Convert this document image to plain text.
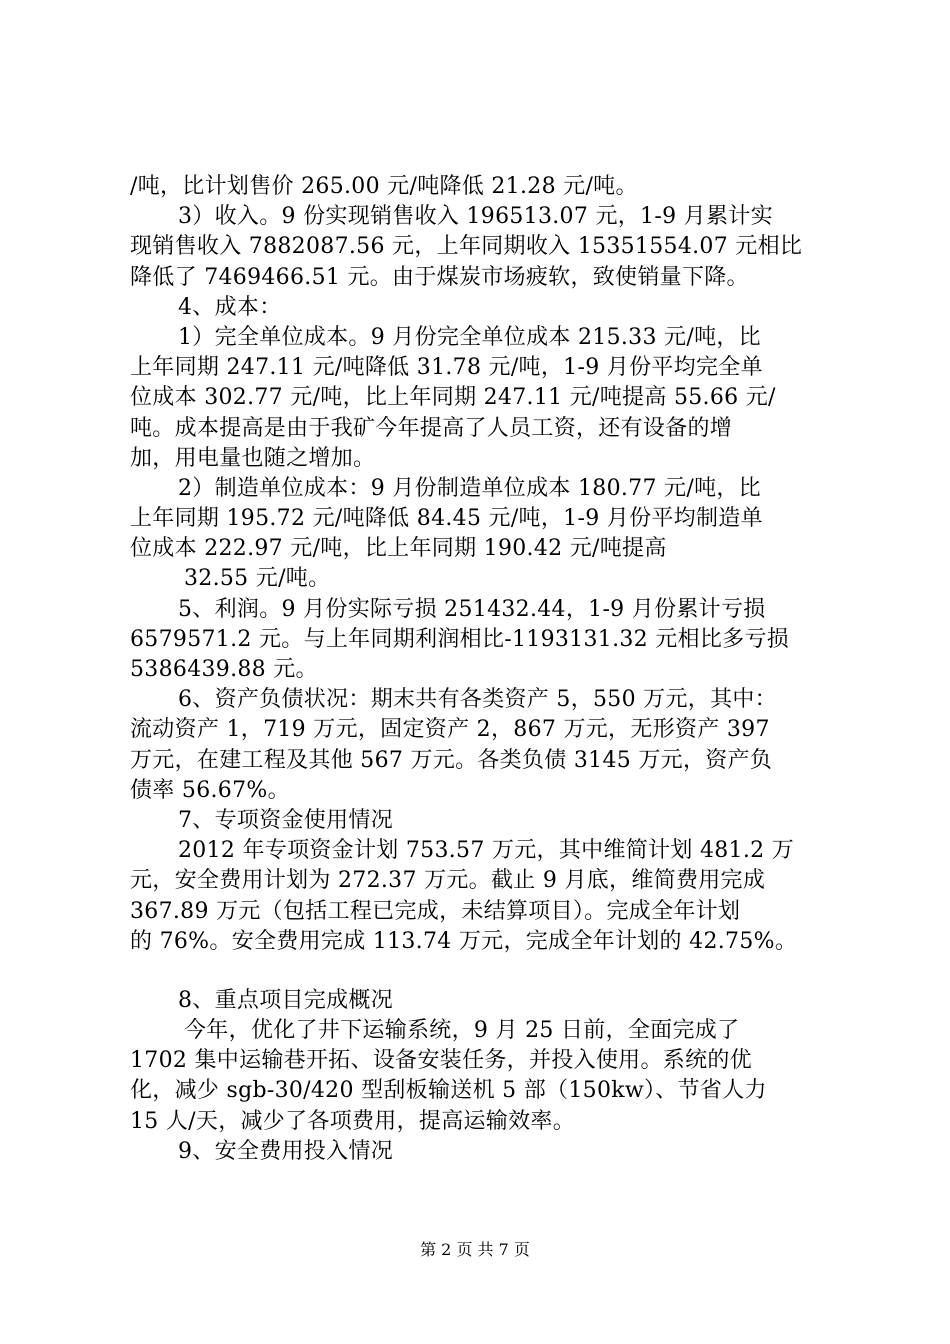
/吨，比计划售价 265.00 元/吨降低 21.28 元/吨。
3）收入。9 份实现销售收入 196513.07 元，1-9 月累计实
现销售收入 7882087.56 元，上年同期收入 15351554.07 元相比
降低了 7469466.51 元。由于煤炭市场疲软，致使销量下降。
4、成本：
1）完全单位成本。9 月份完全单位成本 215.33 元/吨，比
上年同期 247.11 元/吨降低 31.78 元/吨，1-9 月份平均完全单
位成本 302.77 元/吨，比上年同期 247.11 元/吨提高 55.66 元/
吨。成本提高是由于我矿今年提高了人员工资，还有设备的增
加，用电量也随之增加。
2）制造单位成本：9 月份制造单位成本 180.77 元/吨，比
上年同期 195.72 元/吨降低 84.45 元/吨，1-9 月份平均制造单
位成本 222.97 元/吨，比上年同期 190.42 元/吨提高
32.55 元/吨。
5、利润。9 月份实际亏损 251432.44，1-9 月份累计亏损
6579571.2 元。与上年同期利润相比-1193131.32 元相比多亏损
5386439.88 元。
6、资产负债状况：期末共有各类资产 5，550 万元，其中：
流动资产 1，719 万元，固定资产 2，867 万元，无形资产 397
万元，在建工程及其他 567 万元。各类负债 3145 万元，资产负
债率 56.67%。
7、专项资金使用情况
2012 年专项资金计划 753.57 万元，其中维简计划 481.2 万
元，安全费用计划为 272.37 万元。截止 9 月底，维简费用完成
367.89 万元（包括工程已完成，未结算项目）。完成全年计划
的 76%。安全费用完成 113.74 万元，完成全年计划的 42.75%。
8、重点项目完成概况
今年，优化了井下运输系统，9 月 25 日前，全面完成了
1702 集中运输巷开拓、设备安装任务，并投入使用。系统的优
化，减少 sgb-30/420 型刮板输送机 5 部（150kw）、节省人力
15 人/天，减少了各项费用，提高运输效率。
9、安全费用投入情况
第 2 页 共 7 页
